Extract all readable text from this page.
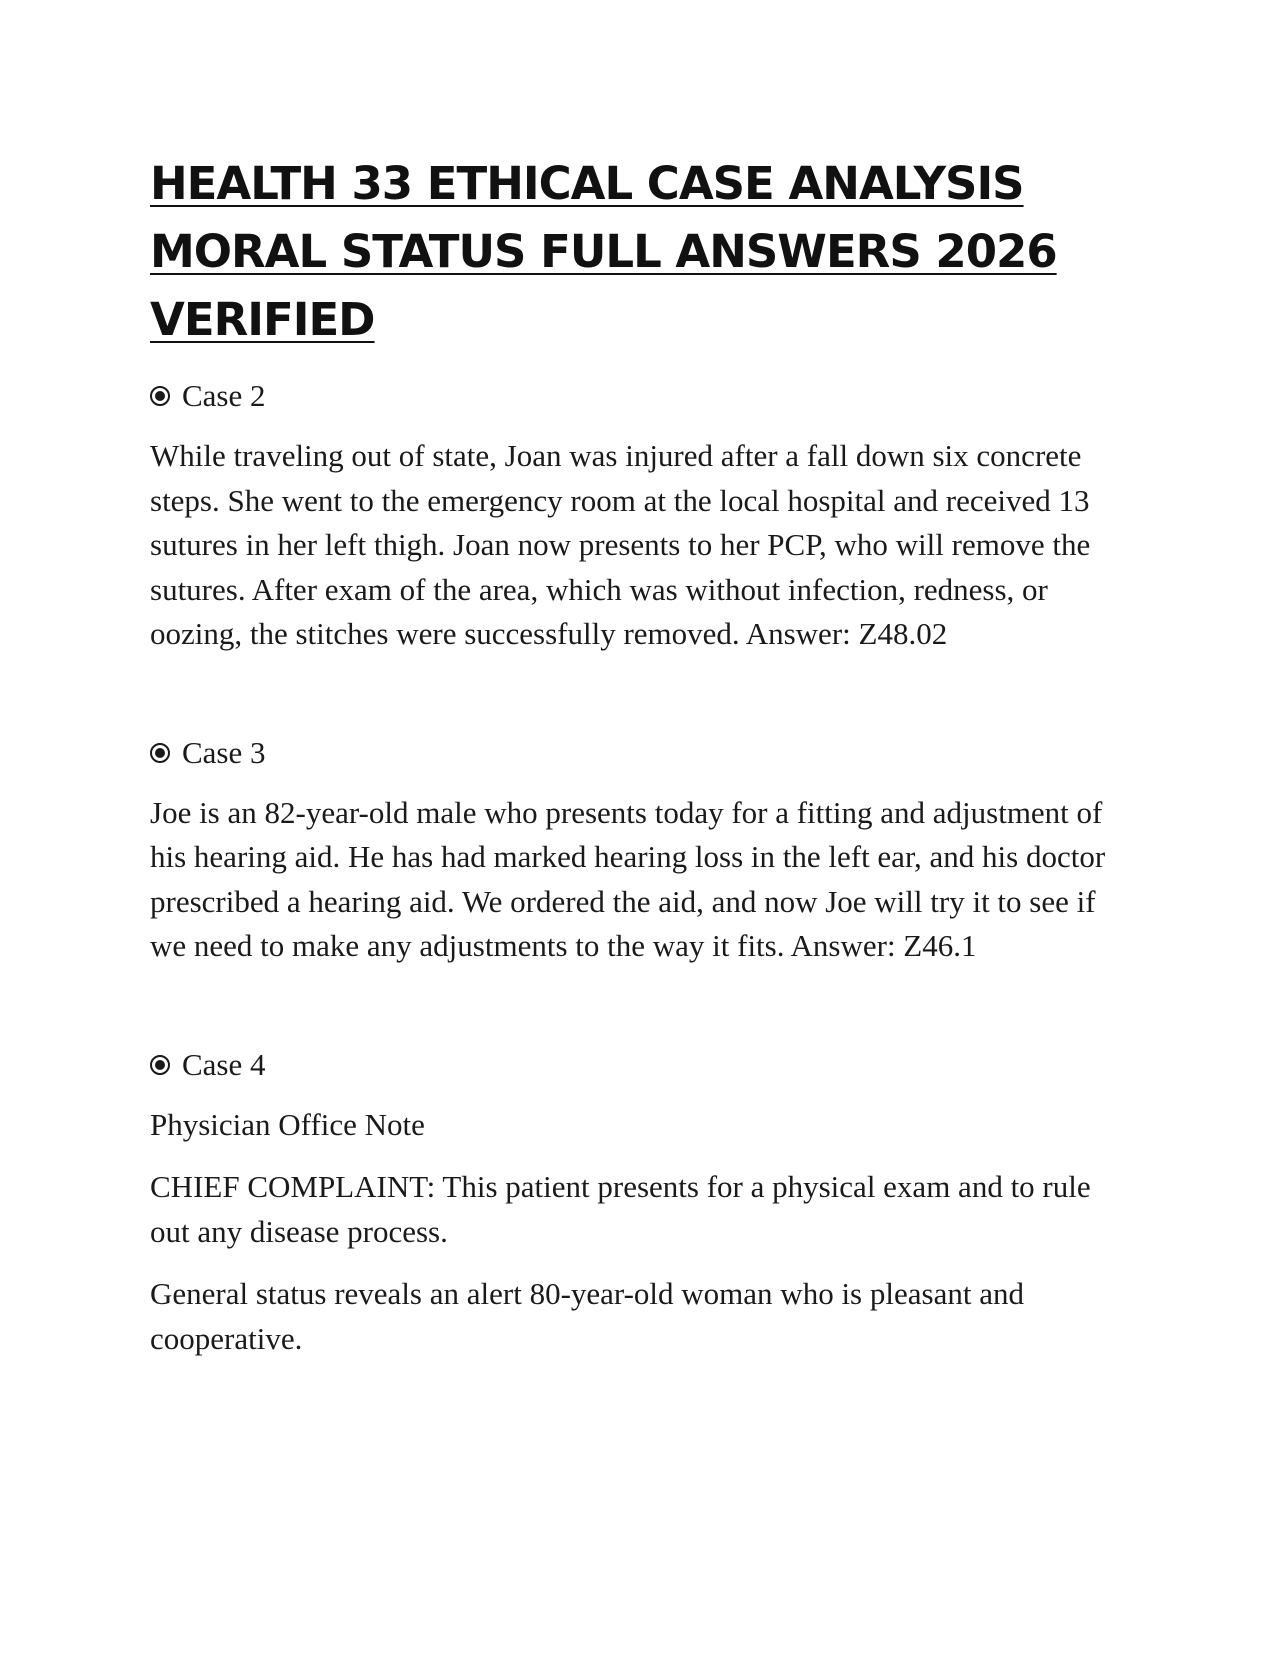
HEALTH 33 ETHICAL CASE ANALYSIS MORAL STATUS FULL ANSWERS 2026 VERIFIED
Case 2

While traveling out of state, Joan was injured after a fall down six concrete steps. She went to the emergency room at the local hospital and received 13 sutures in her left thigh. Joan now presents to her PCP, who will remove the sutures. After exam of the area, which was without infection, redness, or oozing, the stitches were successfully removed. Answer: Z48.02

Case 3

Joe is an 82-year-old male who presents today for a fitting and adjustment of his hearing aid. He has had marked hearing loss in the left ear, and his doctor prescribed a hearing aid. We ordered the aid, and now Joe will try it to see if we need to make any adjustments to the way it fits. Answer: Z46.1

Case 4

Physician Office Note

CHIEF COMPLAINT: This patient presents for a physical exam and to rule out any disease process.

General status reveals an alert 80-year-old woman who is pleasant and cooperative.
